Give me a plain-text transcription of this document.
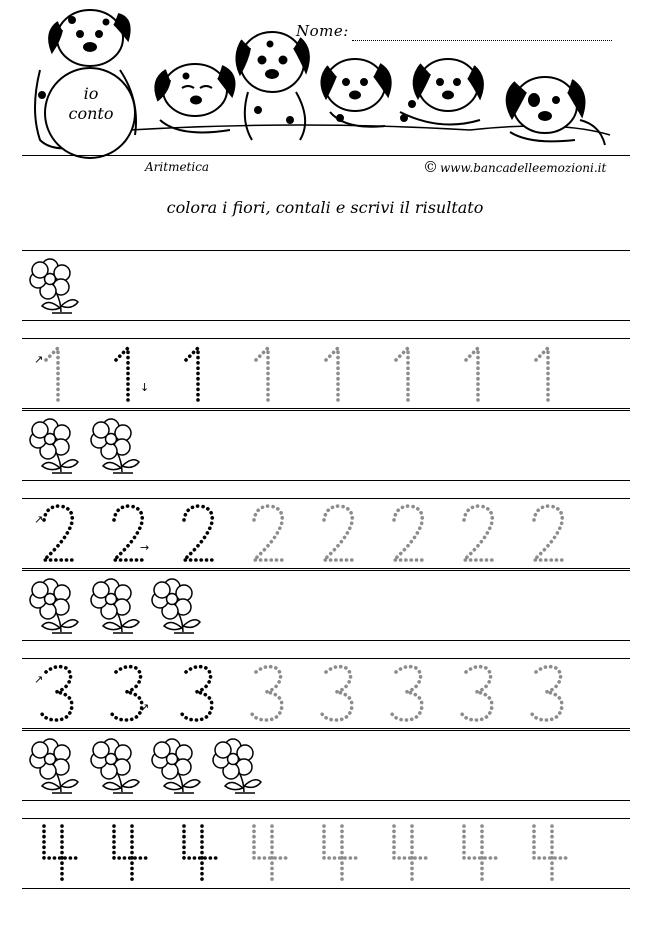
io
conto
Nome:
Aritmetica	© www.bancadelleemozioni.it
colora i fiori, contali e scrivi il risultato
↗
↓
↗
→
↗
↗
